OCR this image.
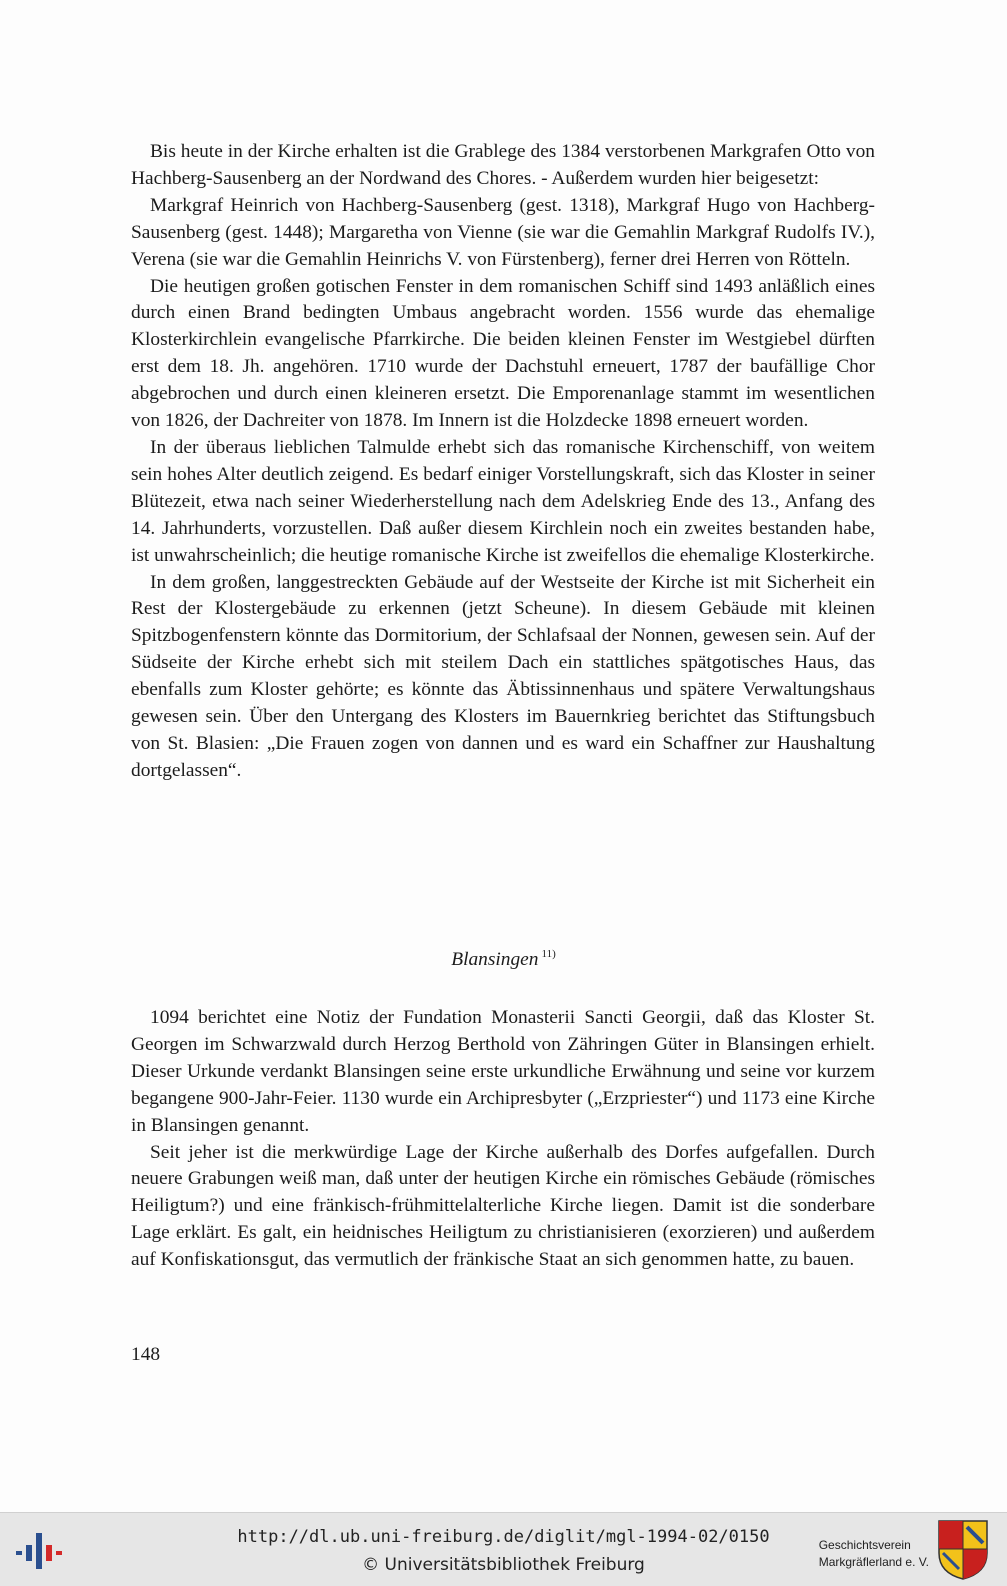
Bis heute in der Kirche erhalten ist die Grablege des 1384 verstorbenen Markgrafen Otto von Hachberg-Sausenberg an der Nordwand des Chores. - Außerdem wurden hier beigesetzt:

Markgraf Heinrich von Hachberg-Sausenberg (gest. 1318), Markgraf Hugo von Hachberg-Sausenberg (gest. 1448); Margaretha von Vienne (sie war die Gemahlin Markgraf Rudolfs IV.), Verena (sie war die Gemahlin Heinrichs V. von Fürstenberg), ferner drei Herren von Rötteln.

Die heutigen großen gotischen Fenster in dem romanischen Schiff sind 1493 anläßlich eines durch einen Brand bedingten Umbaus angebracht worden. 1556 wurde das ehemalige Klosterkirchlein evangelische Pfarrkirche. Die beiden kleinen Fenster im Westgiebel dürften erst dem 18. Jh. angehören. 1710 wurde der Dachstuhl erneuert, 1787 der baufällige Chor abgebrochen und durch einen kleineren ersetzt. Die Emporenanlage stammt im wesentlichen von 1826, der Dachreiter von 1878. Im Innern ist die Holzdecke 1898 erneuert worden.

In der überaus lieblichen Talmulde erhebt sich das romanische Kirchenschiff, von weitem sein hohes Alter deutlich zeigend. Es bedarf einiger Vorstellungskraft, sich das Kloster in seiner Blütezeit, etwa nach seiner Wiederherstellung nach dem Adelskrieg Ende des 13., Anfang des 14. Jahrhunderts, vorzustellen. Daß außer diesem Kirchlein noch ein zweites bestanden habe, ist unwahrscheinlich; die heutige romanische Kirche ist zweifellos die ehemalige Klosterkirche.

In dem großen, langgestreckten Gebäude auf der Westseite der Kirche ist mit Sicherheit ein Rest der Klostergebäude zu erkennen (jetzt Scheune). In diesem Gebäude mit kleinen Spitzbogenfenstern könnte das Dormitorium, der Schlafsaal der Nonnen, gewesen sein. Auf der Südseite der Kirche erhebt sich mit steilem Dach ein stattliches spätgotisches Haus, das ebenfalls zum Kloster gehörte; es könnte das Äbtissinnenhaus und spätere Verwaltungshaus gewesen sein. Über den Untergang des Klosters im Bauernkrieg berichtet das Stiftungsbuch von St. Blasien: „Die Frauen zogen von dannen und es ward ein Schaffner zur Haushaltung dortgelassen“.

Blansingen $^{11)}$

1094 berichtet eine Notiz der Fundation Monasterii Sancti Georgii, daß das Kloster St. Georgen im Schwarzwald durch Herzog Berthold von Zähringen Güter in Blansingen erhielt. Dieser Urkunde verdankt Blansingen seine erste urkundliche Erwähnung und seine vor kurzem begangene 900-Jahr-Feier. 1130 wurde ein Archipresbyter („Erzpriester“) und 1173 eine Kirche in Blansingen genannt.

Seit jeher ist die merkwürdige Lage der Kirche außerhalb des Dorfes aufgefallen. Durch neuere Grabungen weiß man, daß unter der heutigen Kirche ein römisches Gebäude (römisches Heiligtum?) und eine fränkisch-frühmittelalterliche Kirche liegen. Damit ist die sonderbare Lage erklärt. Es galt, ein heidnisches Heiligtum zu christianisieren (exorzieren) und außerdem auf Konfiskationsgut, das vermutlich der fränkische Staat an sich genommen hatte, zu bauen.

148
http://dl.ub.uni-freiburg.de/diglit/mgl-1994-02/0150
© Universitätsbibliothek Freiburg
Geschichtsverein
Markgräflerland e. V.
